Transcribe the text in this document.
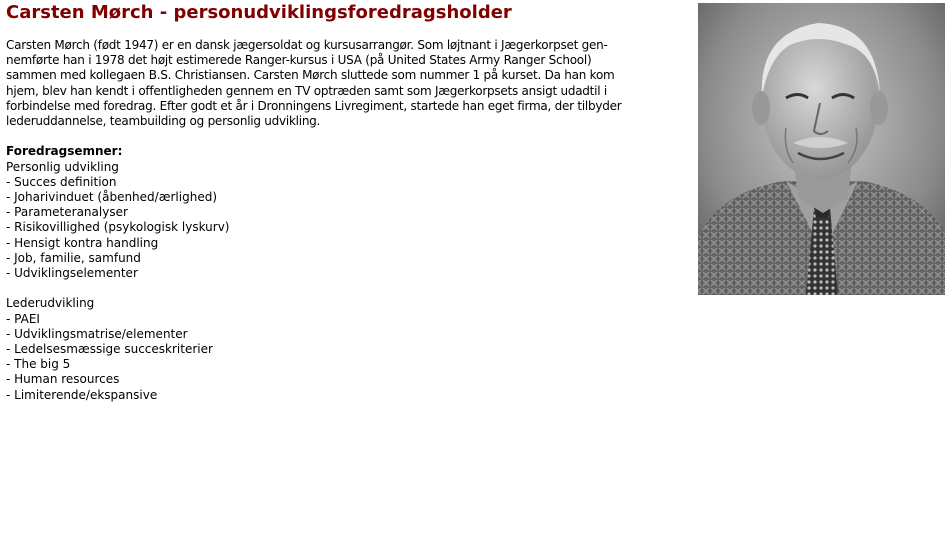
Carsten Mørch - personudviklingsforedragsholder

Carsten Mørch (født 1947) er en dansk jægersoldat og kursusarrangør. Som løjtnant i Jægerkorpset gen-
nemførte han i 1978 det højt estimerede Ranger-kursus i USA (på United States Army Ranger School)
sammen med kollegaen B.S. Christiansen. Carsten Mørch sluttede som nummer 1 på kurset. Da han kom
hjem, blev han kendt i offentligheden gennem en TV optræden samt som Jægerkorpsets ansigt udadtil i
forbindelse med foredrag. Efter godt et år i Dronningens Livregiment, startede han eget firma, der tilbyder
lederuddannelse, teambuilding og personlig udvikling.

Foredragsemner:
Personlig udvikling
- Succes definition
- Joharivinduet (åbenhed/ærlighed)
- Parameteranalyser
- Risikovillighed (psykologisk lyskurv)
- Hensigt kontra handling
- Job, familie, samfund
- Udviklingselementer
Lederudvikling
- PAEI
- Udviklingsmatrise/elementer
- Ledelsesmæssige succeskriterier
- The big 5
- Human resources
- Limiterende/ekspansive
